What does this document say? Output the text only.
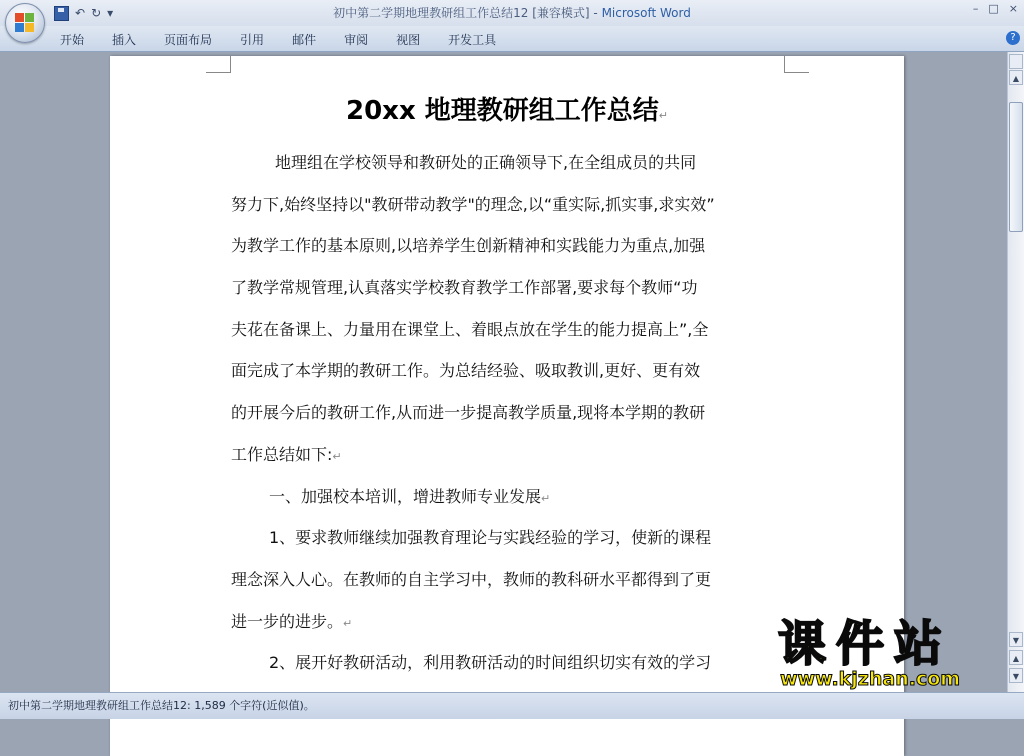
↶ ↻ ▾	初中第二学期地理教研组工作总结12 [兼容模式] - Microsoft Word	– □ ×
开始 插入 页面布局 引用 邮件 审阅 视图 开发工具	?
20xx 地理教研组工作总结↵
地理组在学校领导和教研处的正确领导下,在全组成员的共同
努力下,始终坚持以"教研带动教学"的理念,以“重实际,抓实事,求实效”
为教学工作的基本原则,以培养学生创新精神和实践能力为重点,加强
了教学常规管理,认真落实学校教育教学工作部署,要求每个教师“功
夫花在备课上、力量用在课堂上、着眼点放在学生的能力提高上”,全
面完成了本学期的教研工作。为总结经验、吸取教训,更好、更有效
的开展今后的教研工作,从而进一步提高教学质量,现将本学期的教研
工作总结如下:↵
一、加强校本培训，增进教师专业发展↵
1、要求教师继续加强教育理论与实践经验的学习，使新的课程
理念深入人心。在教师的自主学习中，教师的教科研水平都得到了更
进一步的进步。↵
2、展开好教研活动，利用教研活动的时间组织切实有效的学习
▲
▼
▲
▼
初中第二学期地理教研组工作总结12: 1,589 个字符(近似值)。
课件站
www.kjzhan.com
